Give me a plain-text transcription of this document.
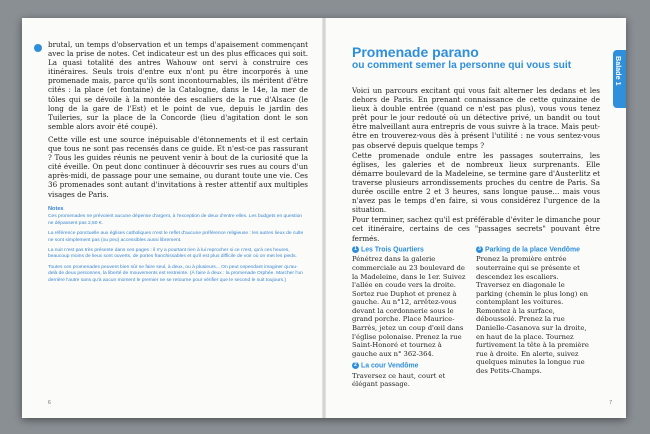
brutal, un temps d'observation et un temps d'apaisement commençant avec la prise de notes. Cet indicateur est un des plus efficaces qui soit. La quasi totalité des antres Wahouw ont servi à construire ces itinéraires. Seuls trois d'entre eux n'ont pu être incorporés à une promenade mais, parce qu'ils sont incontournables, ils méritent d'être cités : la place (et fontaine) de la Catalogne, dans le 14e, la mer de tôles qui se dévoile à la montée des escaliers de la rue d'Alsace (le long de la gare de l'Est) et le point de vue, depuis le jardin des Tuileries, sur la place de la Concorde (lieu d'agitation dont le son semble alors avoir été coupé).

Cette ville est une source inépuisable d'étonnements et il est certain que tous ne sont pas recensés dans ce guide. Et n'est-ce pas rassurant ? Tous les guides réunis ne peuvent venir à bout de la curiosité que la cité éveille. On peut donc continuer à découvrir ses rues au cours d'un après-midi, de passage pour une semaine, ou durant toute une vie. Ces 36 promenades sont autant d'invitations à rester attentif aux multiples visages de Paris.

Notes

Ces promenades ne prévoient aucune dépense d'argent, à l'exception de deux d'entre elles. Les budgets en question ne dépassent pas 2,50 €.

La référence ponctuelle aux églises catholiques n'est le reflet d'aucune préférence religieuse : les autres lieux de culte ne sont simplement pas (ou peu) accessibles aussi librement.

La nuit n'est pas très présente dans ces pages : il n'y a pourtant rien à lui reprocher si ce n'est, qu'à ces heures, beaucoup moins de lieux sont ouverts, de portes franchissables et qu'il est plus difficile de voir où on met les pieds.

Toutes ces promenades peuvent bien sûr se faire seul, à deux, ou à plusieurs... On peut cependant imaginer qu'au-delà de deux personnes, la liberté de mouvements est restreinte. (À faire à deux : la promenade Orphée. Marcher l'un derrière l'autre sans qu'à aucun moment le premier ne se retourne pour vérifier que le second le suit toujours.)

6
Promenade parano
ou comment semer la personne qui vous suit	Balade 1

Voici un parcours excitant qui vous fait alterner les dedans et les dehors de Paris. En prenant connaissance de cette quinzaine de lieux à double entrée (quand ce n'est pas plus), vous vous tenez prêt pour le jour redouté où un détective privé, un bandit ou tout être malveillant aura entrepris de vous suivre à la trace. Mais peut-être en trouverez-vous dès à présent l'utilité : ne vous sentez-vous pas observé depuis quelque temps ?

Cette promenade ondule entre les passages souterrains, les églises, les galeries et de nombreux lieux surprenants. Elle démarre boulevard de la Madeleine, se termine gare d'Austerlitz et traverse plusieurs arrondissements proches du centre de Paris. Sa durée oscille entre 2 et 3 heures, sans longue pause... mais vous n'avez pas le temps d'en faire, si vous considérez l'urgence de la situation.

Pour terminer, sachez qu'il est préférable d'éviter le dimanche pour cet itinéraire, certains de ces "passages secrets" pouvant être fermés.

1 Les Trois Quartiers

Pénétrez dans la galerie commerciale au 23 boulevard de la Madeleine, dans le 1er. Suivez l'allée en coude vers la droite. Sortez rue Duphot et prenez à gauche. Au n°12, arrêtez-vous devant la cordonnerie sous le grand porche. Place Maurice-Barrès, jetez un coup d'œil dans l'église polonaise. Prenez la rue Saint-Honoré et tournez à gauche aux n° 362-364.

2 La cour Vendôme

Traversez ce haut, court et élégant passage.

3 Parking de la place Vendôme

Prenez la première entrée souterraine qui se présente et descendez les escaliers. Traversez en diagonale le parking (chemin le plus long) en contemplant les voitures. Remontez à la surface, déboussolé. Prenez la rue Danielle-Casanova sur la droite, en haut de la place. Tournez furtivement la tête à la première rue à droite. En alerte, suivez quelques minutes la longue rue des Petits-Champs.

7
